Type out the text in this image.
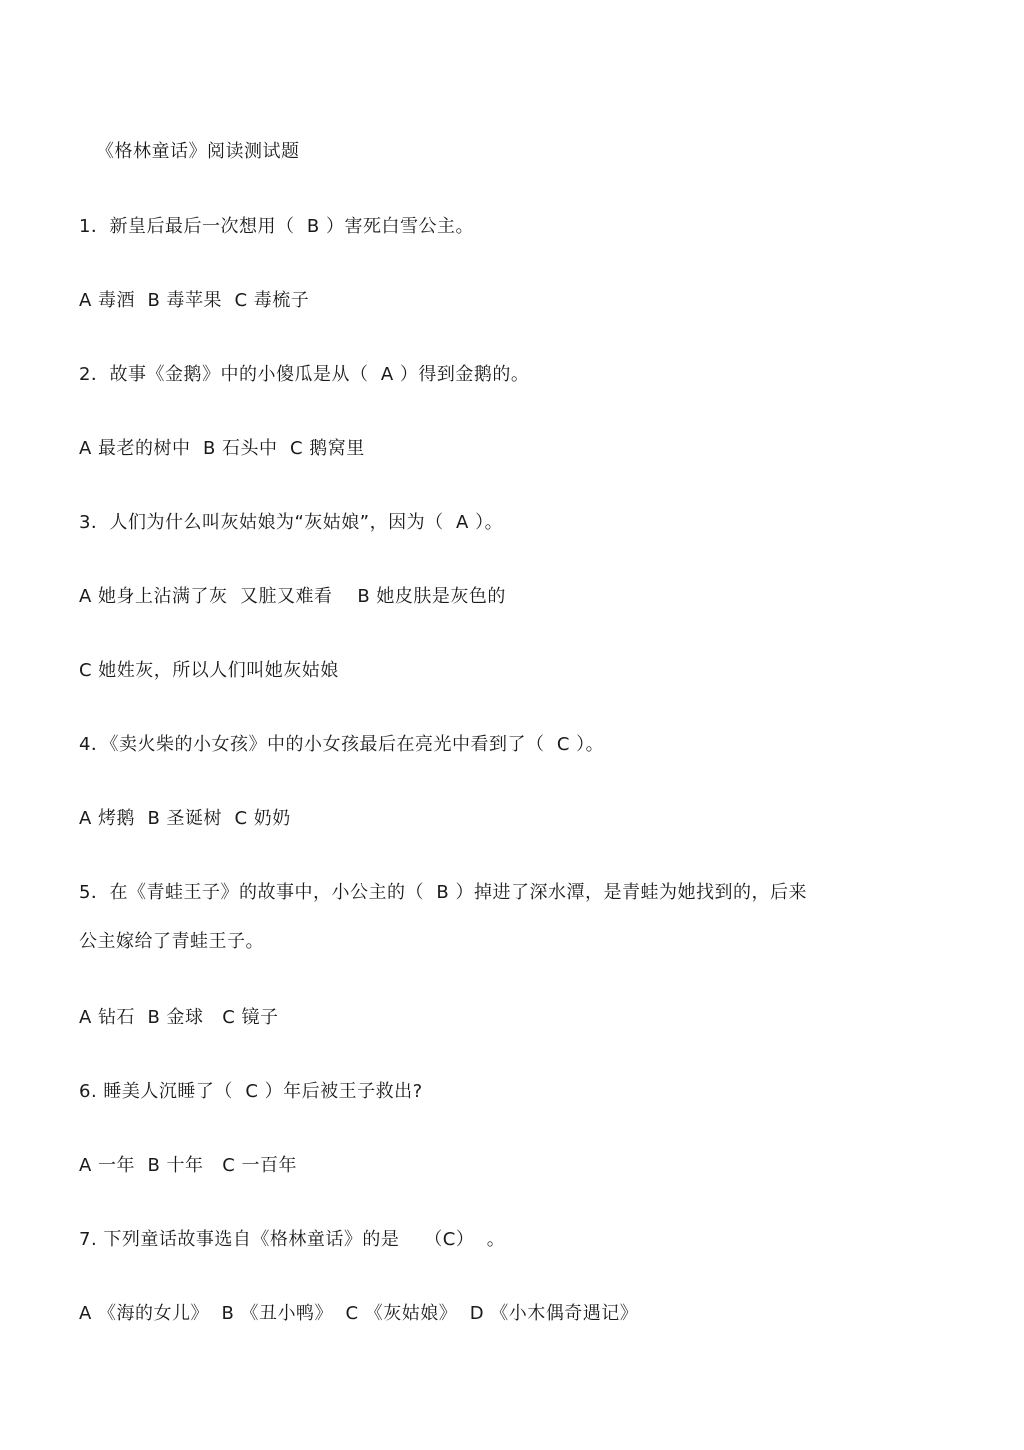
《格林童话》阅读测试题
1．新皇后最后一次想用（  B ）害死白雪公主。
A 毒酒  B 毒苹果  C 毒梳子
2．故事《金鹅》中的小傻瓜是从（  A ）得到金鹅的。
A 最老的树中  B 石头中  C 鹅窝里
3．人们为什么叫灰姑娘为“灰姑娘”，因为（  A ）。
A 她身上沾满了灰  又脏又难看    B 她皮肤是灰色的
C 她姓灰，所以人们叫她灰姑娘
4．《卖火柴的小女孩》中的小女孩最后在亮光中看到了（  C ）。
A 烤鹅  B 圣诞树  C 奶奶
5．在《青蛙王子》的故事中，小公主的（  B ）掉进了深水潭，是青蛙为她找到的，后来
公主嫁给了青蛙王子。
A 钻石  B 金球   C 镜子
6. 睡美人沉睡了（  C ）年后被王子救出?
A 一年  B 十年   C 一百年
7. 下列童话故事选自《格林童话》的是    （C）  。
A 《海的女儿》  B 《丑小鸭》  C 《灰姑娘》  D 《小木偶奇遇记》
